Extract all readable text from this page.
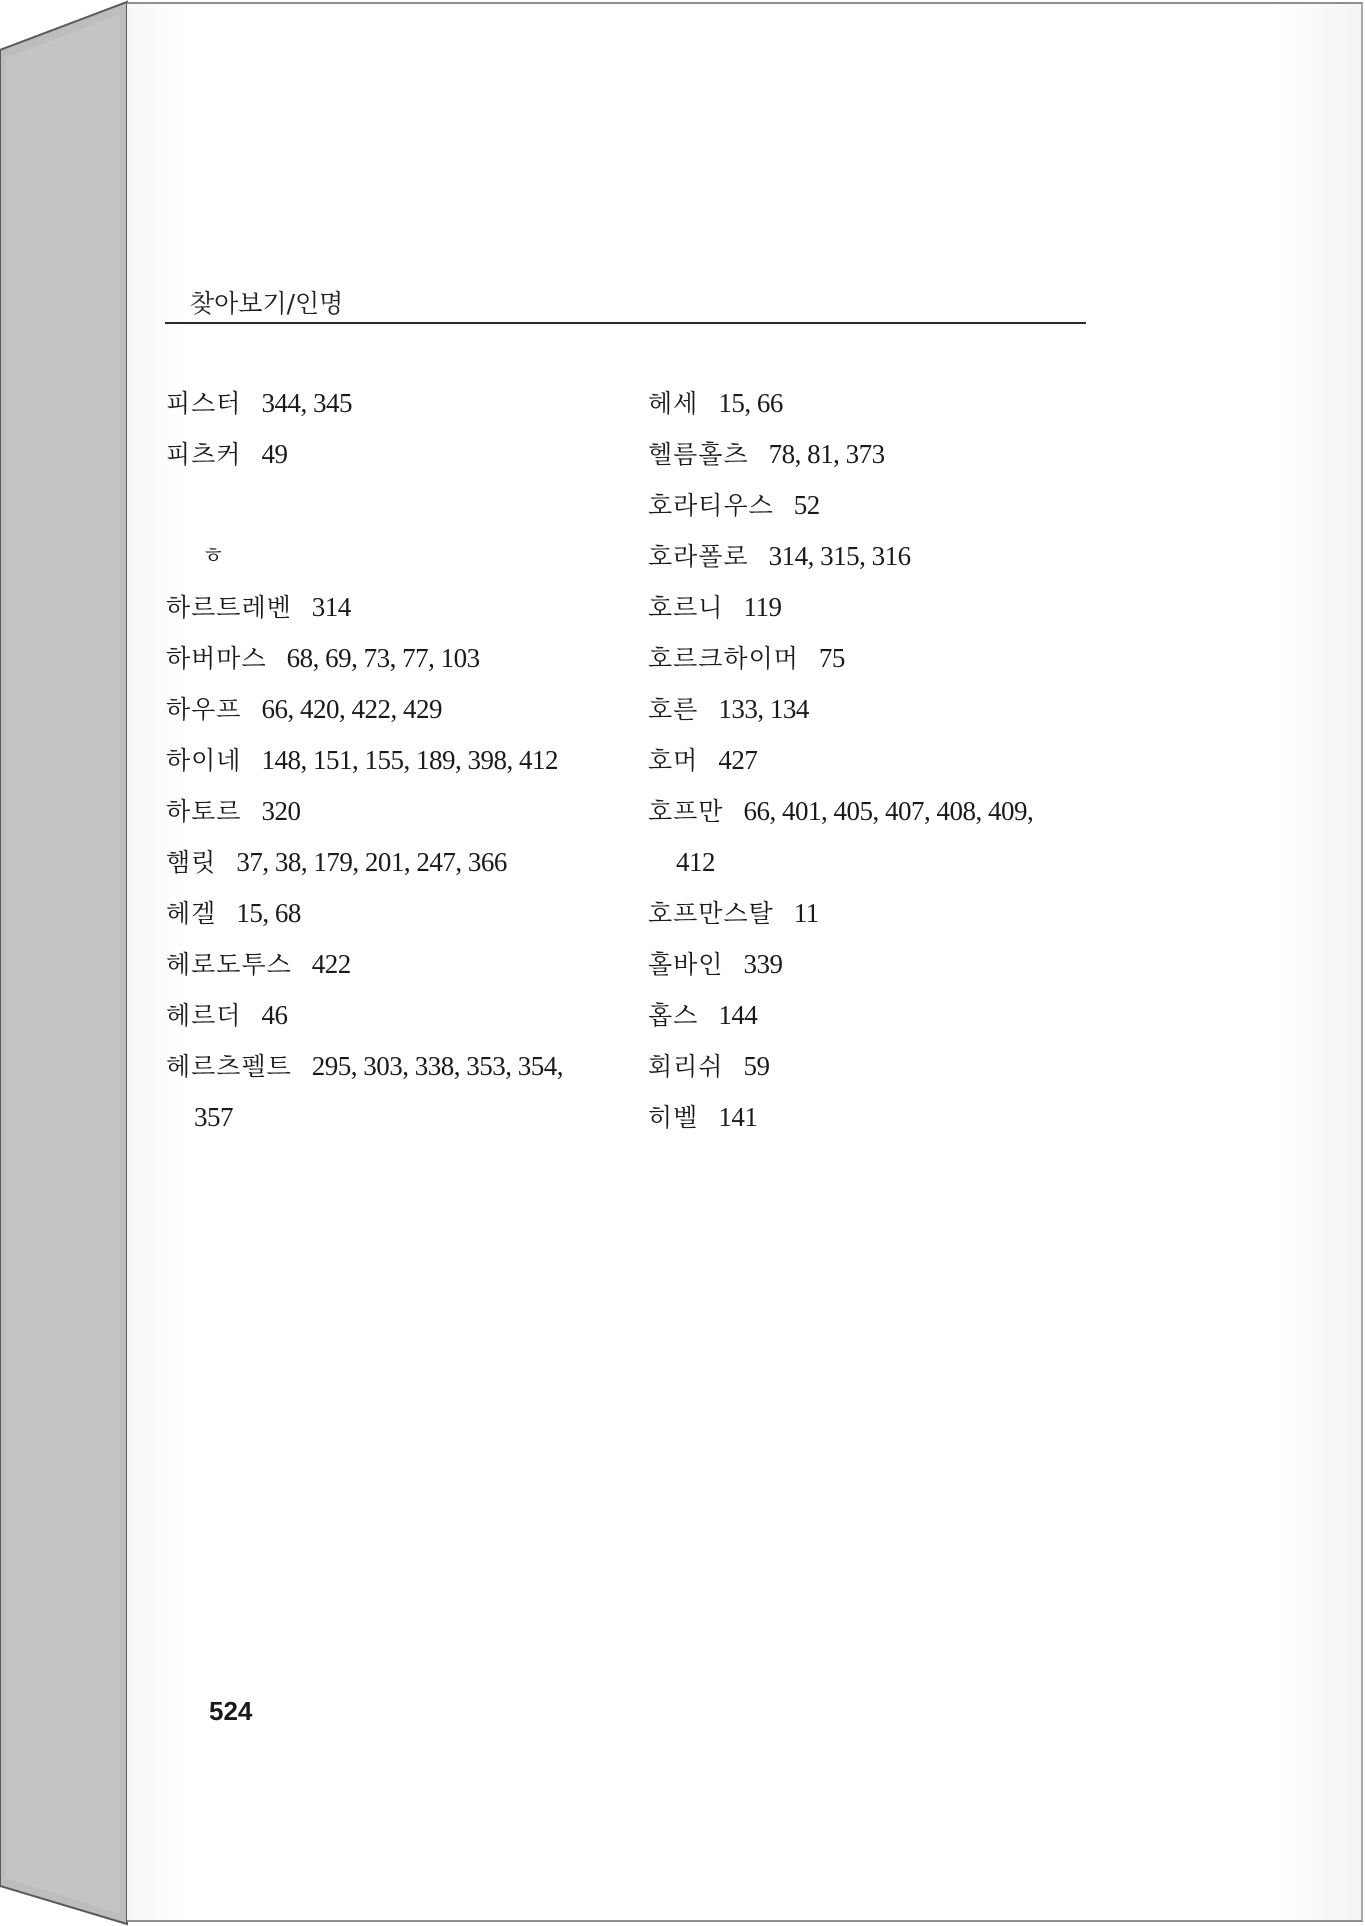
찾아보기/인명
피스터 344, 345
피츠커 49
ㅎ
하르트레벤 314
하버마스 68, 69, 73, 77, 103
하우프 66, 420, 422, 429
하이네 148, 151, 155, 189, 398, 412
하토르 320
햄릿 37, 38, 179, 201, 247, 366
헤겔 15, 68
헤로도투스 422
헤르더 46
헤르츠펠트 295, 303, 338, 353, 354,
357
헤세 15, 66
헬름홀츠 78, 81, 373
호라티우스 52
호라폴로 314, 315, 316
호르니 119
호르크하이머 75
호른 133, 134
호머 427
호프만 66, 401, 405, 407, 408, 409,
412
호프만스탈 11
홀바인 339
홉스 144
회리쉬 59
히벨 141
524
